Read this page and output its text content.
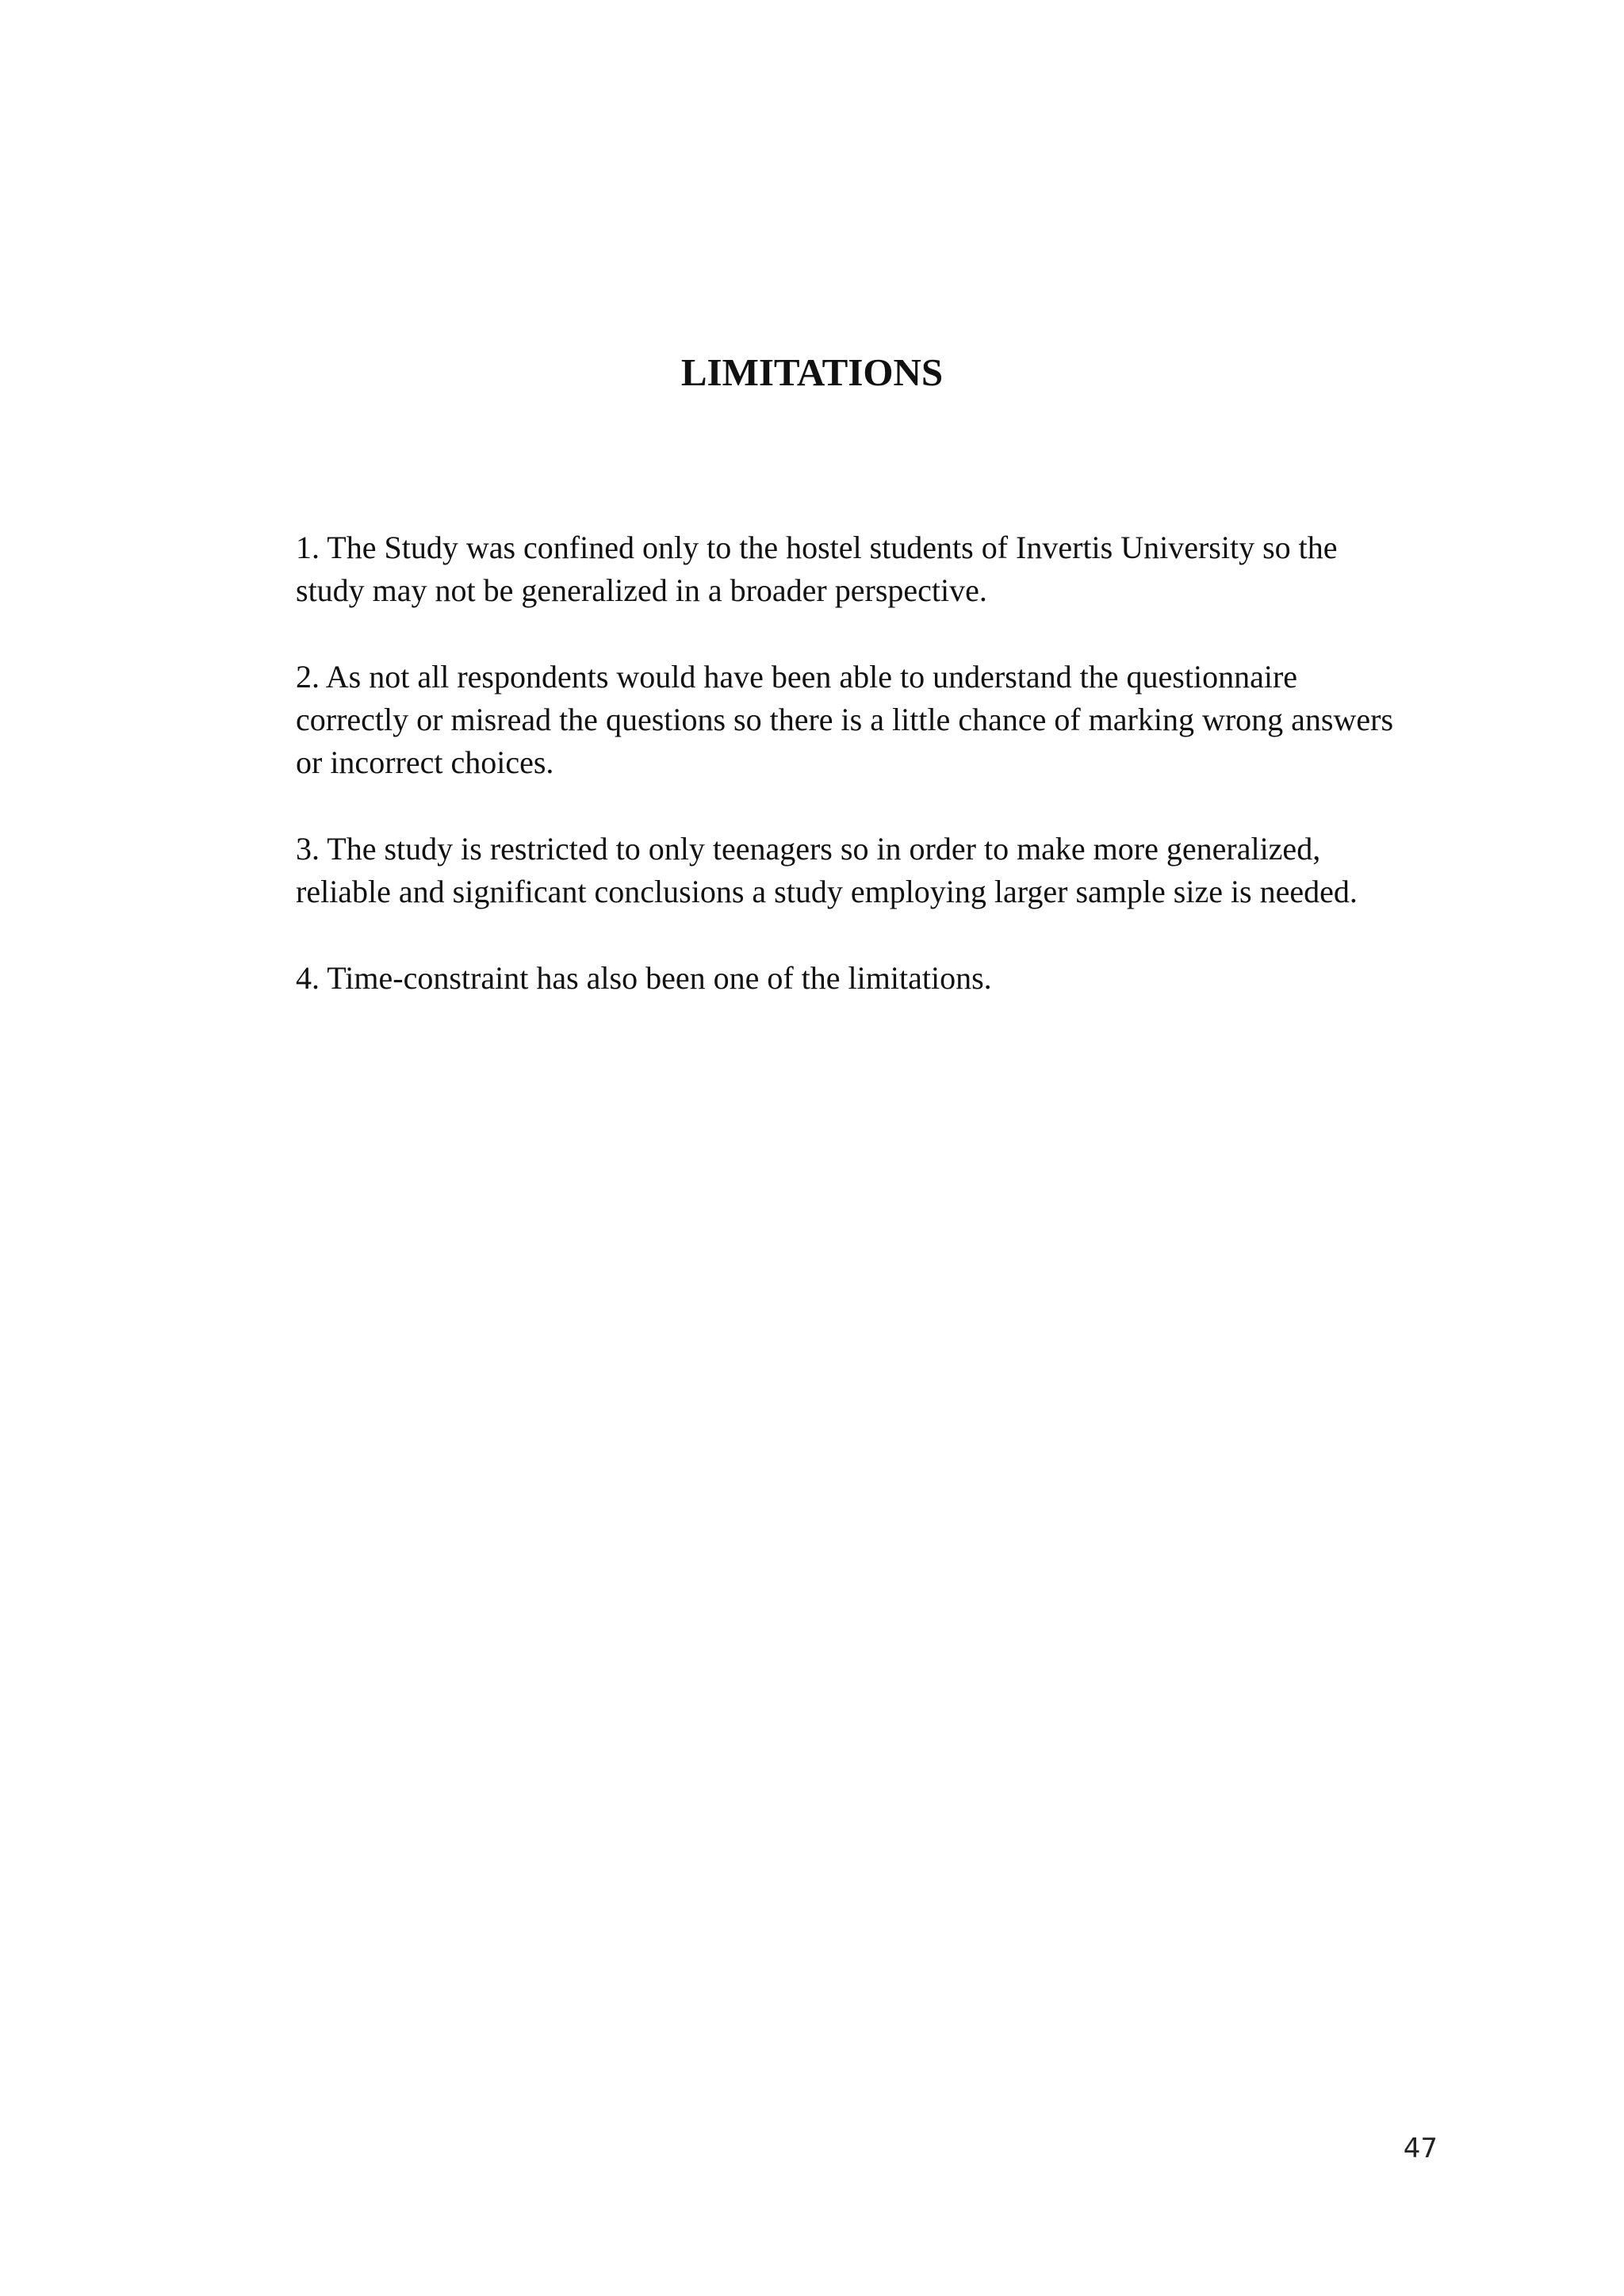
LIMITATIONS
1. The Study was confined only to the hostel students of Invertis University so the
study may not be generalized in a broader perspective.
2. As not all respondents would have been able to understand the questionnaire
correctly or misread the questions so there is a little chance of marking wrong answers
or incorrect choices.
3. The study is restricted to only teenagers so in order to make more generalized,
reliable and significant conclusions a study employing larger sample size is needed.
4. Time-constraint has also been one of the limitations.

47
